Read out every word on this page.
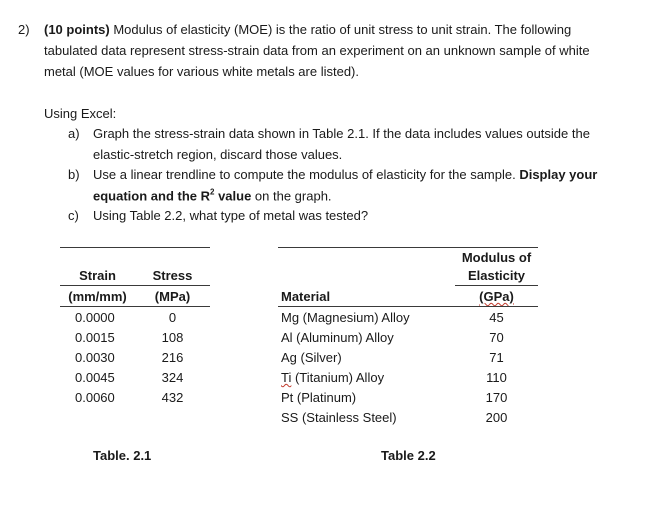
2) (10 points) Modulus of elasticity (MOE) is the ratio of unit stress to unit strain. The following
tabulated data represent stress-strain data from an experiment on an unknown sample of white
metal (MOE values for various white metals are listed).
Using Excel:
a) Graph the stress-strain data shown in Table 2.1. If the data includes values outside the
elastic-stretch region, discard those values.
b) Use a linear trendline to compute the modulus of elasticity for the sample. Display your
equation and the $R^2$ value on the graph.
c) Using Table 2.2, what type of metal was tested?
Strain	Stress
(mm/mm)	(MPa)
0.0000	0
0.0015	108
0.0030	216
0.0045	324
0.0060	432
Table. 2.1
Modulus of
Elasticity
Material	(GPa)
Mg (Magnesium) Alloy	45
Al (Aluminum) Alloy	70
Ag (Silver)	71
Ti (Titanium) Alloy	110
Pt (Platinum)	170
SS (Stainless Steel)	200
Table 2.2
